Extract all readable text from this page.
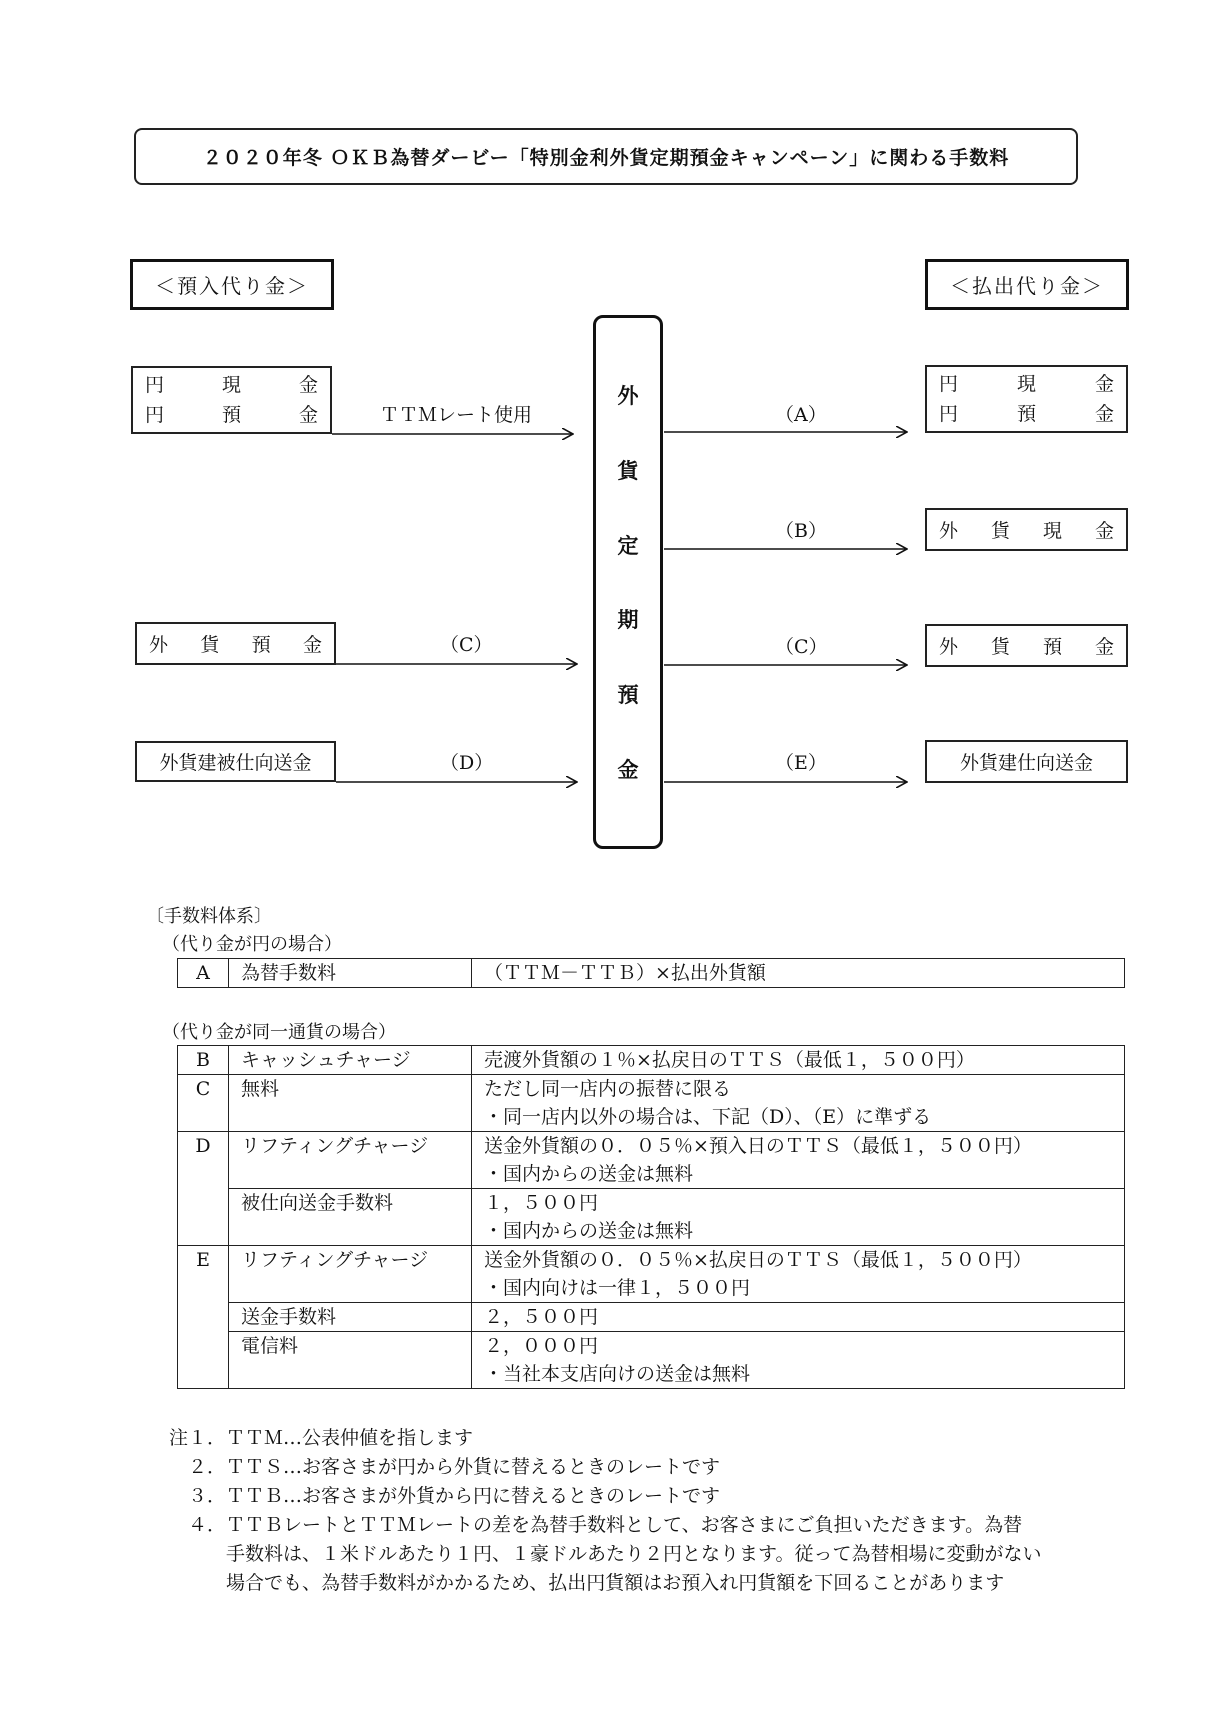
２０２０年冬 ＯＫＢ為替ダービー「特別金利外貨定期預金キャンペーン」に関わる手数料
＜預入代り金＞	＜払出代り金＞
円	現	金
円	預	金
外 貨 預 金
外貨建被仕向送金
外
貨
定
期
預
金
円	現	金
円	預	金
外 貨 現 金
外 貨 預 金
外貨建仕向送金
ＴＴＭレート使用
（C）
（D）
（A）
（B）
（C）
（E）
〔手数料体系〕
（代り金が円の場合）
A	為替手数料	（ＴＴＭ－ＴＴＢ）×払出外貨額
（代り金が同一通貨の場合）
B	キャッシュチャージ	売渡外貨額の１％×払戻日のＴＴＳ（最低１，５００円）
C	無料	ただし同一店内の振替に限る
・同一店内以外の場合は、下記（D）、（E）に準ずる

D	リフティングチャージ	送金外貨額の０．０５％×預入日のＴＴＳ（最低１，５００円）
・国内からの送金は無料

	被仕向送金手数料	１，５００円
・国内からの送金は無料

E	リフティングチャージ	送金外貨額の０．０５％×払戻日のＴＴＳ（最低１，５００円）
・国内向けは一律１，５００円

	送金手数料	２，５００円
	電信料	２，０００円
・当社本支店向けの送金は無料
注１． ＴＴＭ…公表仲値を指します
２． ＴＴＳ…お客さまが円から外貨に替えるときのレートです
３． ＴＴＢ…お客さまが外貨から円に替えるときのレートです
４． ＴＴＢレートとＴＴＭレートの差を為替手数料として、お客さまにご負担いただきます。為替
手数料は、１米ドルあたり１円、１豪ドルあたり２円となります。従って為替相場に変動がない
場合でも、為替手数料がかかるため、払出円貨額はお預入れ円貨額を下回ることがあります
